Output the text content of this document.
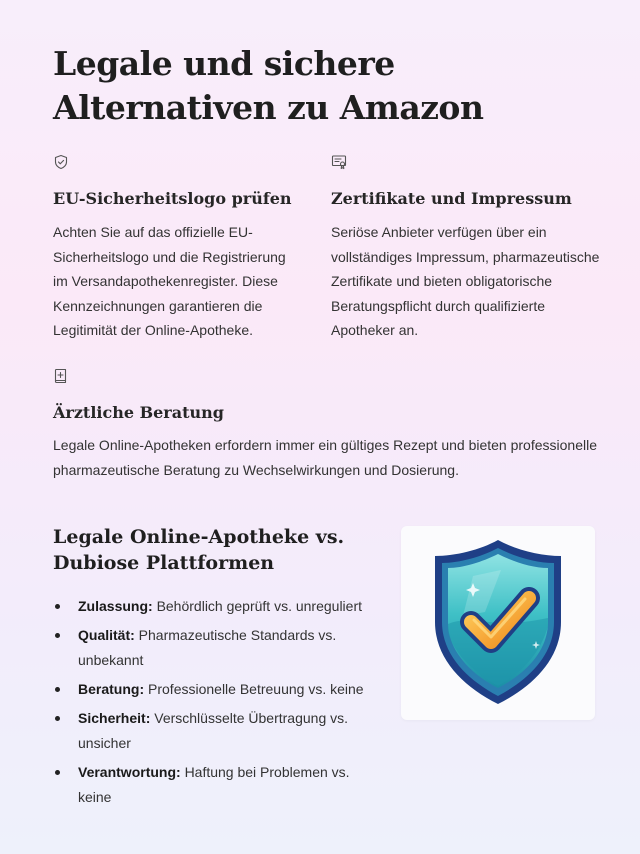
Legale und sichere Alternativen zu Amazon
EU-Sicherheitslogo prüfen

Achten Sie auf das offizielle EU-Sicherheitslogo und die Registrierung im Versandapothekenregister. Diese Kennzeichnungen garantieren die Legitimität der Online-Apotheke.

Zertifikate und Impressum

Seriöse Anbieter verfügen über ein vollständiges Impressum, pharmazeutische Zertifikate und bieten obligatorische Beratungspflicht durch qualifizierte Apotheker an.

Ärztliche Beratung

Legale Online-Apotheken erfordern immer ein gültiges Rezept und bieten professionelle pharmazeutische Beratung zu Wechselwirkungen und Dosierung.

Legale Online-Apotheke vs. Dubiose Plattformen
Zulassung: Behördlich geprüft vs. unreguliert
Qualität: Pharmazeutische Standards vs. unbekannt
Beratung: Professionelle Betreuung vs. keine
Sicherheit: Verschlüsselte Übertragung vs. unsicher
Verantwortung: Haftung bei Problemen vs. keine
